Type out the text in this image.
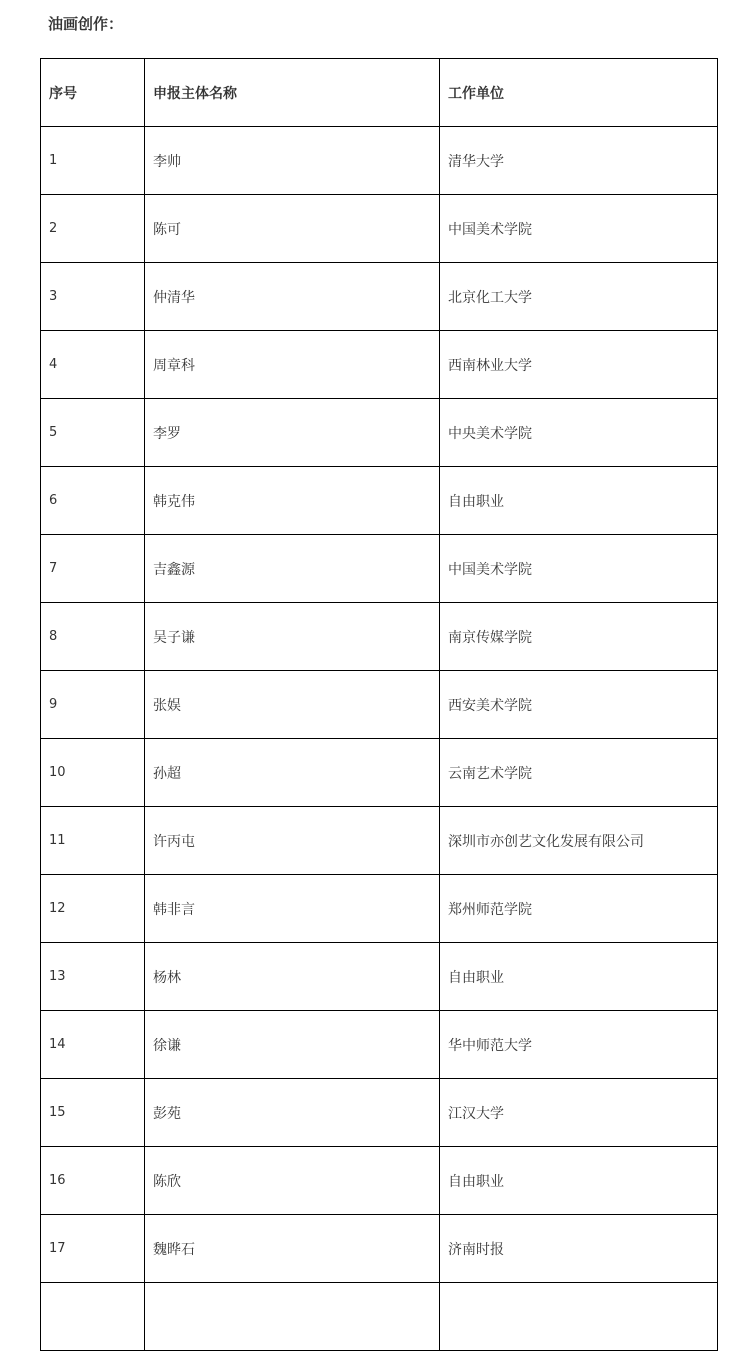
油画创作：
序号	申报主体名称	工作单位
1	李帅	清华大学
2	陈可	中国美术学院
3	仲清华	北京化工大学
4	周章科	西南林业大学
5	李罗	中央美术学院
6	韩克伟	自由职业
7	吉鑫源	中国美术学院
8	吴子谦	南京传媒学院
9	张娱	西安美术学院
10	孙超	云南艺术学院
11	许丙屯	深圳市亦创艺文化发展有限公司
12	韩非言	郑州师范学院
13	杨林	自由职业
14	徐谦	华中师范大学
15	彭苑	江汉大学
16	陈欣	自由职业
17	魏晔石	济南时报
